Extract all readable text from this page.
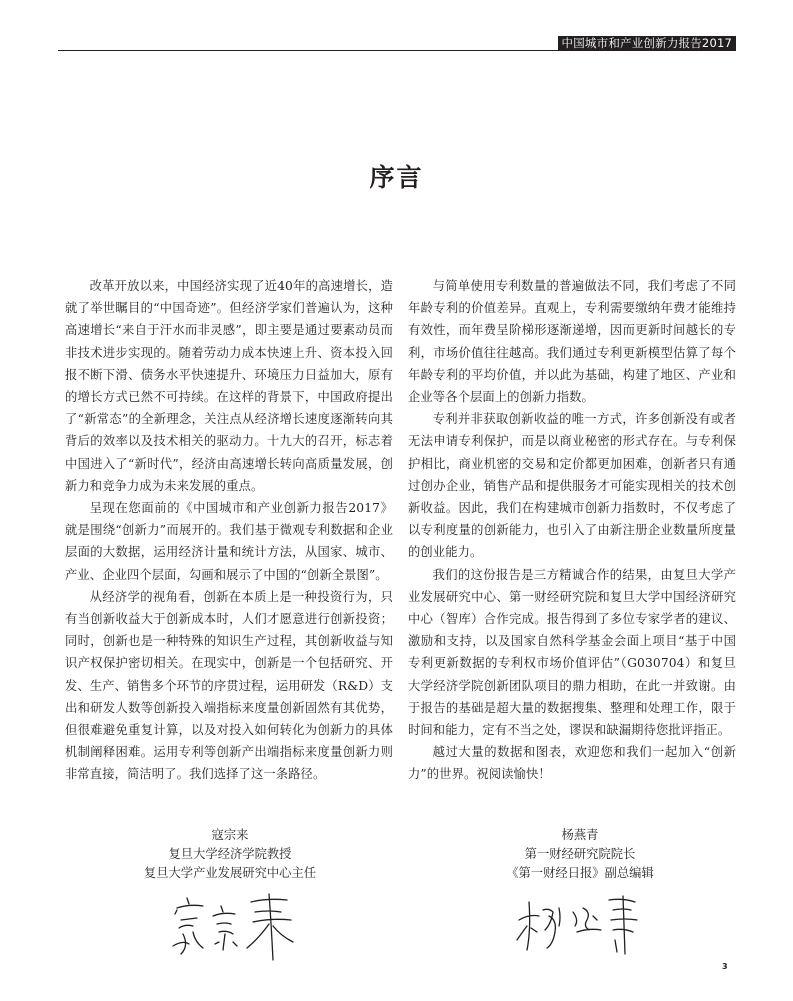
中国城市和产业创新力报告2017
序言

改革开放以来，中国经济实现了近40年的高速增长，造就了举世瞩目的“中国奇迹”。但经济学家们普遍认为，这种高速增长“来自于汗水而非灵感”，即主要是通过要素动员而非技术进步实现的。随着劳动力成本快速上升、资本投入回报不断下滑、债务水平快速提升、环境压力日益加大，原有的增长方式已然不可持续。在这样的背景下，中国政府提出了“新常态”的全新理念，关注点从经济增长速度逐渐转向其背后的效率以及技术相关的驱动力。十九大的召开，标志着中国进入了“新时代”，经济由高速增长转向高质量发展，创新力和竞争力成为未来发展的重点。

呈现在您面前的《中国城市和产业创新力报告2017》就是围绕“创新力”而展开的。我们基于微观专利数据和企业层面的大数据，运用经济计量和统计方法，从国家、城市、产业、企业四个层面，勾画和展示了中国的“创新全景图”。

从经济学的视角看，创新在本质上是一种投资行为，只有当创新收益大于创新成本时，人们才愿意进行创新投资；同时，创新也是一种特殊的知识生产过程，其创新收益与知识产权保护密切相关。在现实中，创新是一个包括研究、开发、生产、销售多个环节的序贯过程，运用研发（R&D）支出和研发人数等创新投入端指标来度量创新固然有其优势，但很难避免重复计算，以及对投入如何转化为创新力的具体机制阐释困难。运用专利等创新产出端指标来度量创新力则非常直接，简洁明了。我们选择了这一条路径。

与简单使用专利数量的普遍做法不同，我们考虑了不同年龄专利的价值差异。直观上，专利需要缴纳年费才能维持有效性，而年费呈阶梯形逐渐递增，因而更新时间越长的专利，市场价值往往越高。我们通过专利更新模型估算了每个年龄专利的平均价值，并以此为基础，构建了地区、产业和企业等各个层面上的创新力指数。

专利并非获取创新收益的唯一方式，许多创新没有或者无法申请专利保护，而是以商业秘密的形式存在。与专利保护相比，商业机密的交易和定价都更加困难，创新者只有通过创办企业，销售产品和提供服务才可能实现相关的技术创新收益。因此，我们在构建城市创新力指数时，不仅考虑了以专利度量的创新能力，也引入了由新注册企业数量所度量的创业能力。

我们的这份报告是三方精诚合作的结果，由复旦大学产业发展研究中心、第一财经研究院和复旦大学中国经济研究中心（智库）合作完成。报告得到了多位专家学者的建议、激励和支持，以及国家自然科学基金会面上项目“基于中国专利更新数据的专利权市场价值评估”（G030704）和复旦大学经济学院创新团队项目的鼎力相助，在此一并致谢。由于报告的基础是超大量的数据搜集、整理和处理工作，限于时间和能力，定有不当之处，谬误和缺漏期待您批评指正。

越过大量的数据和图表，欢迎您和我们一起加入“创新力”的世界。祝阅读愉快！

寇宗来
复旦大学经济学院教授
复旦大学产业发展研究中心主任
杨燕青
第一财经研究院院长
《第一财经日报》副总编辑
3
